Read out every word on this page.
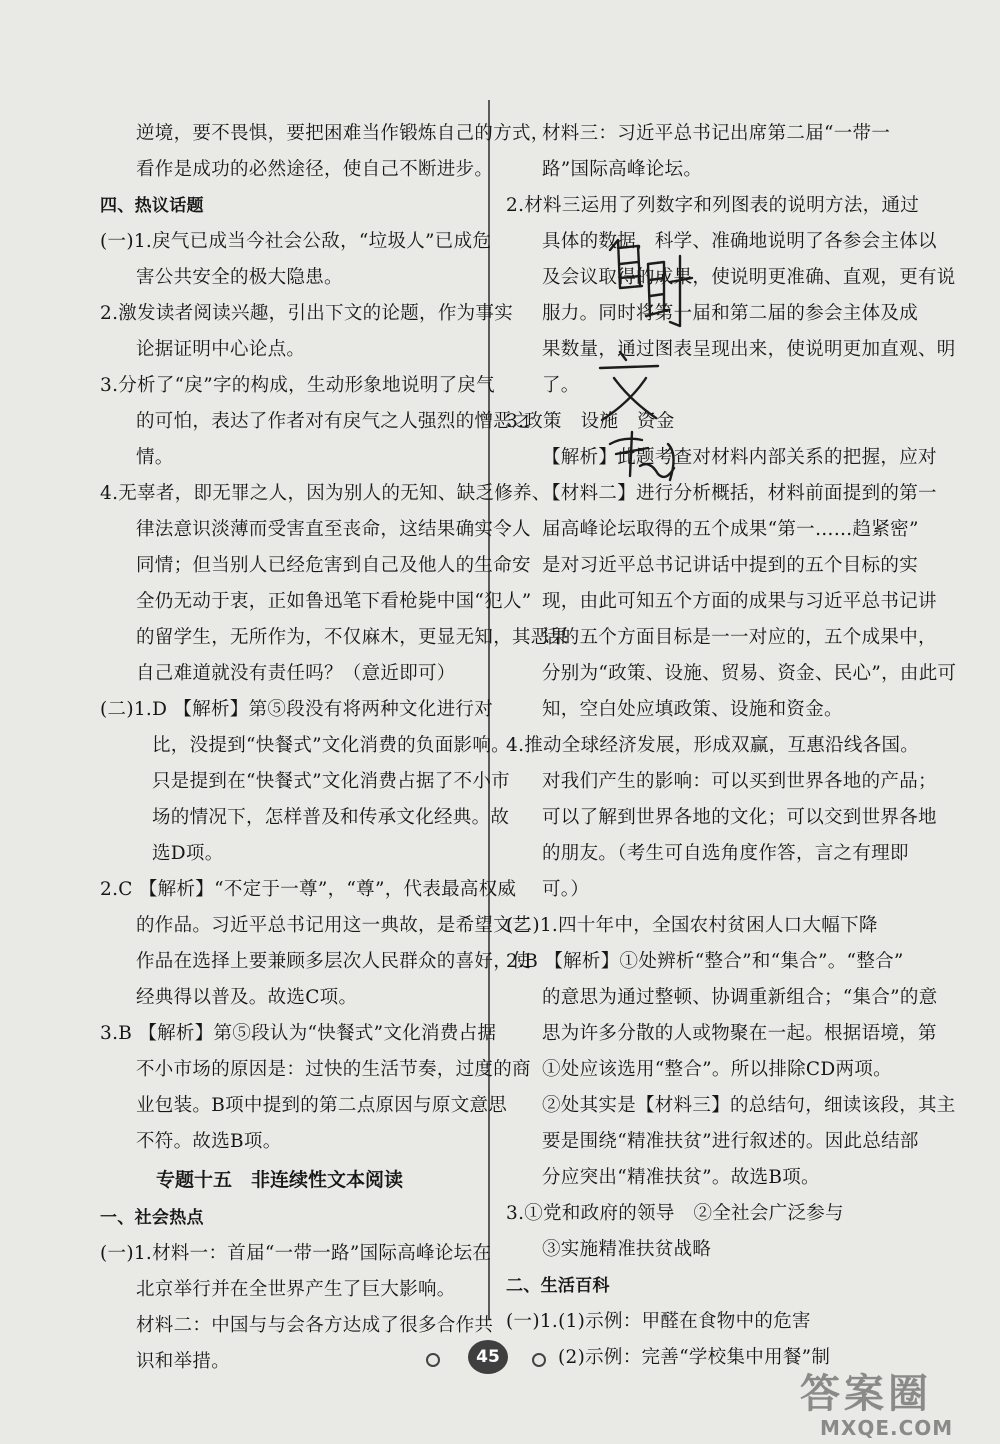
逆境，要不畏惧，要把困难当作锻炼自己的方式，
看作是成功的必然途径，使自己不断进步。
四、热议话题
(一)1.戾气已成当今社会公敌，“垃圾人”已成危
害公共安全的极大隐患。
2.激发读者阅读兴趣，引出下文的论题，作为事实
论据证明中心论点。
3.分析了“戾”字的构成，生动形象地说明了戾气
的可怕，表达了作者对有戾气之人强烈的憎恶之
情。
4.无辜者，即无罪之人，因为别人的无知、缺乏修养、
律法意识淡薄而受害直至丧命，这结果确实令人
同情；但当别人已经危害到自己及他人的生命安
全仍无动于衷，正如鲁迅笔下看枪毙中国“犯人”
的留学生，无所作为，不仅麻木，更显无知，其恶果
自己难道就没有责任吗？（意近即可）
(二)1.D 【解析】第⑤段没有将两种文化进行对
比，没提到“快餐式”文化消费的负面影响。
只是提到在“快餐式”文化消费占据了不小市
场的情况下，怎样普及和传承文化经典。故
选D项。
2.C 【解析】“不定于一尊”，“尊”，代表最高权威
的作品。习近平总书记用这一典故，是希望文艺
作品在选择上要兼顾多层次人民群众的喜好，使
经典得以普及。故选C项。
3.B 【解析】第⑤段认为“快餐式”文化消费占据
不小市场的原因是：过快的生活节奏，过度的商
业包装。B项中提到的第二点原因与原文意思
不符。故选B项。
专题十五　非连续性文本阅读
一、社会热点
(一)1.材料一：首届“一带一路”国际高峰论坛在
北京举行并在全世界产生了巨大影响。
材料二：中国与与会各方达成了很多合作共
识和举措。
材料三：习近平总书记出席第二届“一带一
路”国际高峰论坛。
2.材料三运用了列数字和列图表的说明方法，通过
具体的数据，科学、准确地说明了各参会主体以
及会议取得的成果，使说明更准确、直观，更有说
服力。同时将第一届和第二届的参会主体及成
果数量，通过图表呈现出来，使说明更加直观、明
了。
3.政策　设施　资金
【解析】此题考查对材料内部关系的把握，应对
【材料二】进行分析概括，材料前面提到的第一
届高峰论坛取得的五个成果“第一……趋紧密”
是对习近平总书记讲话中提到的五个目标的实
现，由此可知五个方面的成果与习近平总书记讲
话的五个方面目标是一一对应的，五个成果中，
分别为“政策、设施、贸易、资金、民心”，由此可
知，空白处应填政策、设施和资金。
4.推动全球经济发展，形成双赢，互惠沿线各国。
对我们产生的影响：可以买到世界各地的产品；
可以了解到世界各地的文化；可以交到世界各地
的朋友。（考生可自选角度作答，言之有理即
可。）
(二)1.四十年中，全国农村贫困人口大幅下降
2.B 【解析】①处辨析“整合”和“集合”。“整合”
的意思为通过整顿、协调重新组合；“集合”的意
思为许多分散的人或物聚在一起。根据语境，第
①处应该选用“整合”。所以排除CD两项。
②处其实是【材料三】的总结句，细读该段，其主
要是围绕“精准扶贫”进行叙述的。因此总结部
分应突出“精准扶贫”。故选B项。
3.①党和政府的领导　②全社会广泛参与
③实施精准扶贫战略
二、生活百科
(一)1.(1)示例：甲醛在食物中的危害
(2)示例：完善“学校集中用餐”制
45
答案圈
MXQE.COM
